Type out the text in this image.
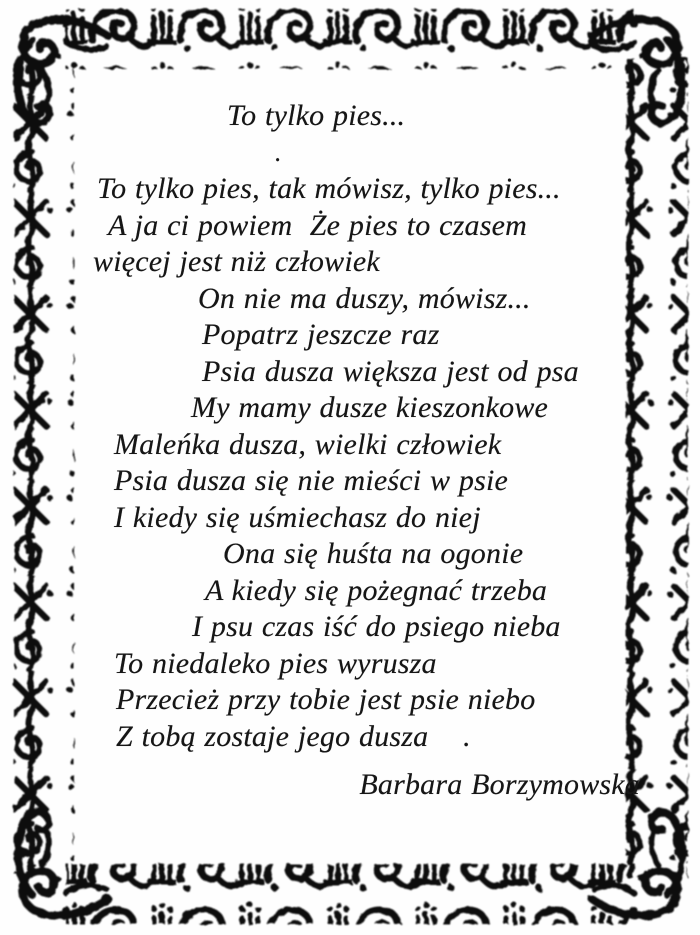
To tylko pies...
.
To tylko pies, tak mówisz, tylko pies...
A ja ci powiem  Że pies to czasem
więcej jest niż człowiek
On nie ma duszy, mówisz...
Popatrz jeszcze raz
Psia dusza większa jest od psa
My mamy dusze kieszonkowe
Maleńka dusza, wielki człowiek
Psia dusza się nie mieści w psie
I kiedy się uśmiechasz do niej
Ona się huśta na ogonie
A kiedy się pożegnać trzeba
I psu czas iść do psiego nieba
To niedaleko pies wyrusza
Przecież przy tobie jest psie niebo
Z tobą zostaje jego dusza    .
Barbara Borzymowska
